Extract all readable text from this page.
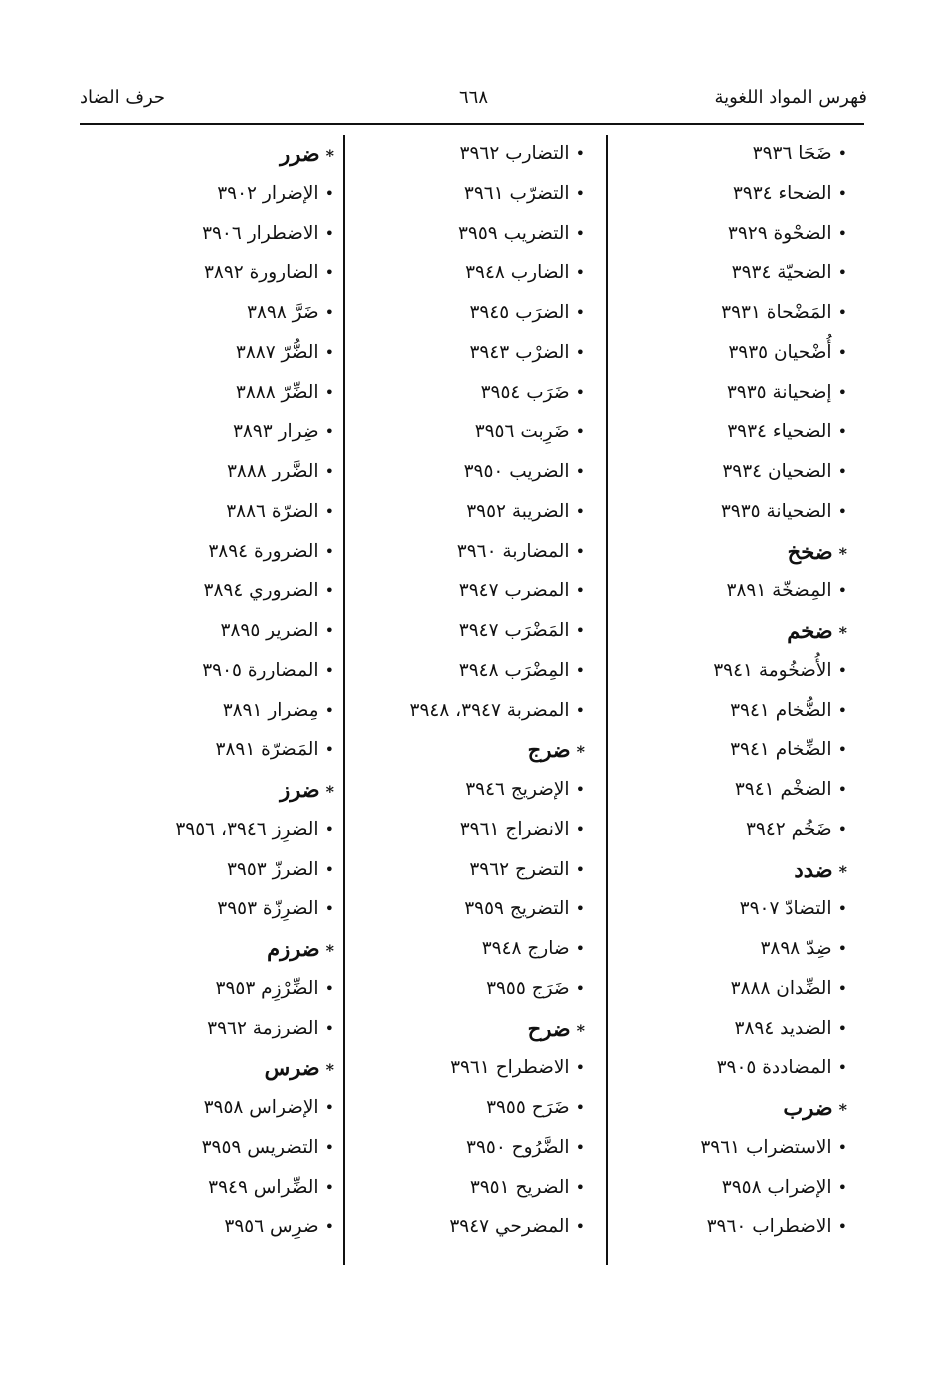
فهرس المواد اللغوية
٦٦٨
حرف الضاد
•ضَحَا ٣٩٣٦
•الضحاء ٣٩٣٤
•الضحْوة ٣٩٢٩
•الضحيّة ٣٩٣٤
•المَضْحاة ٣٩٣١
•أُضْحيان ٣٩٣٥
•إضحيانة ٣٩٣٥
•الضحياء ٣٩٣٤
•الضحيان ٣٩٣٤
•الضحيانة ٣٩٣٥
*ضخخ
•المِضخّة ٣٨٩١
*ضخم
•الأُضخُومة ٣٩٤١
•الضُّخام ٣٩٤١
•الضِّخام ٣٩٤١
•الضخْم ٣٩٤١
•ضَخُم ٣٩٤٢
*ضدد
•التضادّ ٣٩٠٧
•ضِدّ ٣٨٩٨
•الضِّدان ٣٨٨٨
•الضديد ٣٨٩٤
•المضاددة ٣٩٠٥
*ضرب
•الاستضراب ٣٩٦١
•الإضراب ٣٩٥٨
•الاضطراب ٣٩٦٠
•التضارب ٣٩٦٢
•التضرّب ٣٩٦١
•التضريب ٣٩٥٩
•الضارب ٣٩٤٨
•الضرَب ٣٩٤٥
•الضرْب ٣٩٤٣
•ضَرَب ٣٩٥٤
•ضَرِبت ٣٩٥٦
•الضريب ٣٩٥٠
•الضريبة ٣٩٥٢
•المضاربة ٣٩٦٠
•المضرب ٣٩٤٧
•المَضْرَب ٣٩٤٧
•المِضْرَب ٣٩٤٨
•المضربة ٣٩٤٧، ٣٩٤٨
*ضرج
•الإضريج ٣٩٤٦
•الانضراج ٣٩٦١
•التضرج ٣٩٦٢
•التضريج ٣٩٥٩
•ضارج ٣٩٤٨
•ضَرَج ٣٩٥٥
*ضرح
•الاضطراح ٣٩٦١
•ضَرَح ٣٩٥٥
•الضَّرُوح ٣٩٥٠
•الضريح ٣٩٥١
•المضرحي ٣٩٤٧
*ضرر
•الإضرار ٣٩٠٢
•الاضطرار ٣٩٠٦
•الضارورة ٣٨٩٢
•ضَرَّ ٣٨٩٨
•الضُّرّ ٣٨٨٧
•الضِّرّ ٣٨٨٨
•ضِرار ٣٨٩٣
•الضَّرر ٣٨٨٨
•الضرّة ٣٨٨٦
•الضرورة ٣٨٩٤
•الضروري ٣٨٩٤
•الضرير ٣٨٩٥
•المضاررة ٣٩٠٥
•مِضرار ٣٨٩١
•المَضرّة ٣٨٩١
*ضرز
•الضرِز ٣٩٤٦، ٣٩٥٦
•الضرزّ ٣٩٥٣
•الضرِزّة ٣٩٥٣
*ضرزم
•الضِّرْزِم ٣٩٥٣
•الضرزمة ٣٩٦٢
*ضرس
•الإضراس ٣٩٥٨
•التضريس ٣٩٥٩
•الضِّراس ٣٩٤٩
•ضرِس ٣٩٥٦
